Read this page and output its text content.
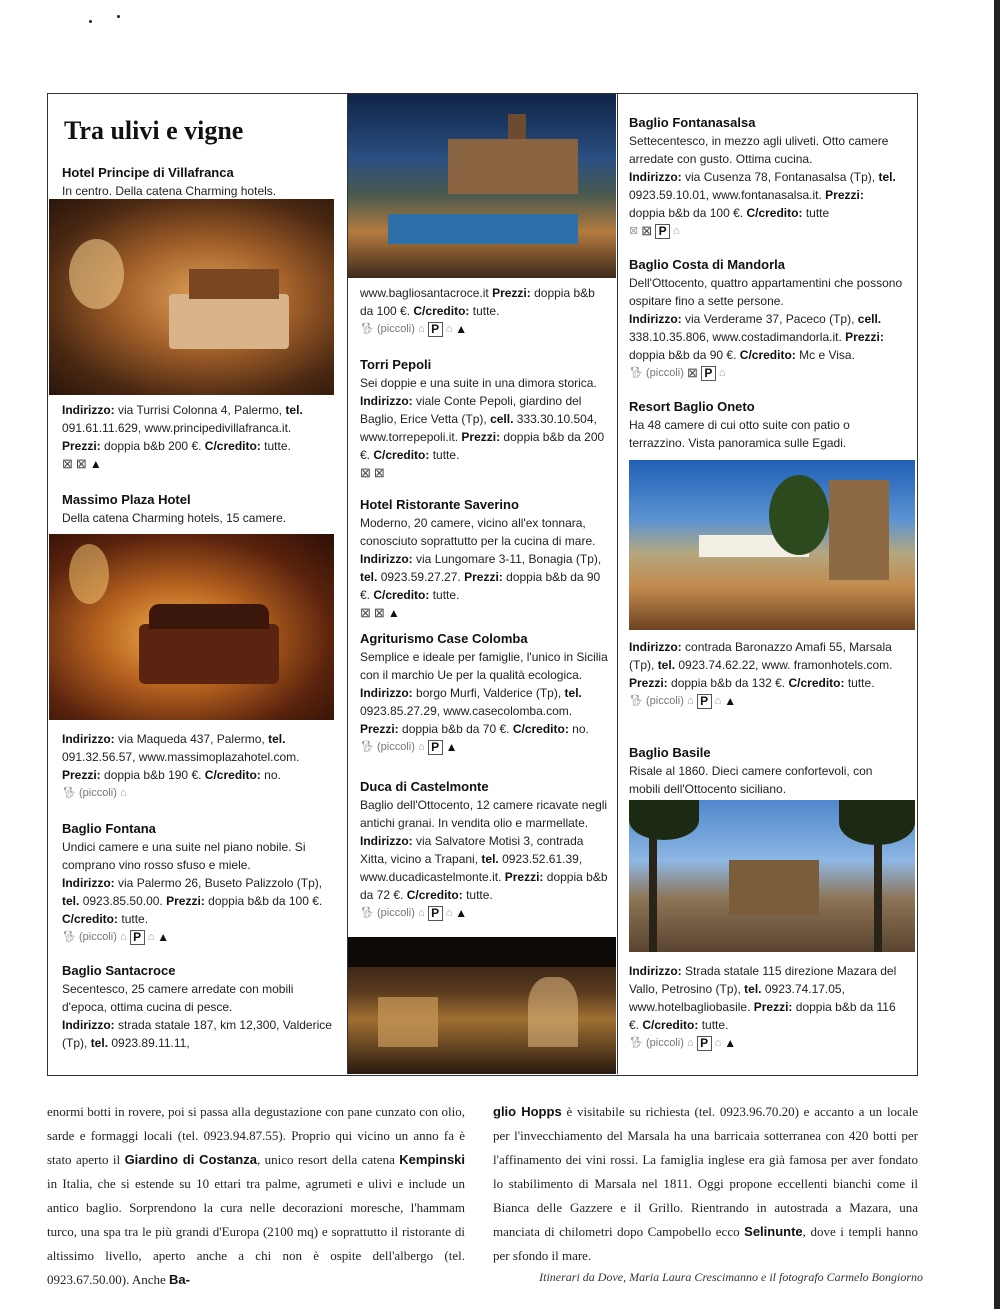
Tra ulivi e vigne
Hotel Principe di Villafranca
In centro. Della catena Charming hotels.
Indirizzo: via Turrisi Colonna 4, Palermo, tel. 091.61.11.629, www.principedivillafranca.it.
Prezzi: doppia b&b 200 €. C/credito: tutte.
⊠ ⊠ ▲
Massimo Plaza Hotel
Della catena Charming hotels, 15 camere.
Indirizzo: via Maqueda 437, Palermo, tel. 091.32.56.57, www.massimoplazahotel.com.
Prezzi: doppia b&b 190 €. C/credito: no.
🐕︎ (piccoli) ⌂
Baglio Fontana
Undici camere e una suite nel piano nobile. Si comprano vino rosso sfuso e miele.
Indirizzo: via Palermo 26, Buseto Palizzolo (Tp), tel. 0923.85.50.00. Prezzi: doppia b&b da 100 €. C/credito: tutte.
🐕︎ (piccoli) ⌂ P ⌂ ▲
Baglio Santacroce
Secentesco, 25 camere arredate con mobili d'epoca, ottima cucina di pesce.
Indirizzo: strada statale 187, km 12,300, Valderice (Tp), tel. 0923.89.11.11,
www.bagliosantacroce.it Prezzi: doppia b&b da 100 €. C/credito: tutte.
🐕︎ (piccoli) ⌂ P ⌂ ▲
Torri Pepoli
Sei doppie e una suite in una dimora storica.
Indirizzo: viale Conte Pepoli, giardino del Baglio, Erice Vetta (Tp), cell. 333.30.10.504, www.torrepepoli.it. Prezzi: doppia b&b da 200 €. C/credito: tutte.
⊠ ⊠
Hotel Ristorante Saverino
Moderno, 20 camere, vicino all'ex tonnara, conosciuto soprattutto per la cucina di mare.
Indirizzo: via Lungomare 3-11, Bonagia (Tp), tel. 0923.59.27.27. Prezzi: doppia b&b da 90 €. C/credito: tutte.
⊠ ⊠ ▲
Agriturismo Case Colomba
Semplice e ideale per famiglie, l'unico in Sicilia con il marchio Ue per la qualità ecologica.
Indirizzo: borgo Murfi, Valderice (Tp), tel. 0923.85.27.29, www.casecolomba.com. Prezzi: doppia b&b da 70 €. C/credito: no.
🐕︎ (piccoli) ⌂ P ▲
Duca di Castelmonte
Baglio dell'Ottocento, 12 camere ricavate negli antichi granai. In vendita olio e marmellate.
Indirizzo: via Salvatore Motisi 3, contrada Xitta, vicino a Trapani, tel. 0923.52.61.39, www.ducadicastelmonte.it. Prezzi: doppia b&b da 72 €. C/credito: tutte.
🐕︎ (piccoli) ⌂ P ⌂ ▲
Baglio Fontanasalsa
Settecentesco, in mezzo agli uliveti. Otto camere arredate con gusto. Ottima cucina.
Indirizzo: via Cusenza 78, Fontanasalsa (Tp), tel. 0923.59.10.01, www.fontanasalsa.it. Prezzi: doppia b&b da 100 €. C/credito: tutte
⊠ ⊠ P ⌂
Baglio Costa di Mandorla
Dell'Ottocento, quattro appartamentini che possono ospitare fino a sette persone.
Indirizzo: via Verderame 37, Paceco (Tp), cell. 338.10.35.806, www.costadimandorla.it. Prezzi: doppia b&b da 90 €. C/credito: Mc e Visa.
🐕︎ (piccoli) ⊠ P ⌂
Resort Baglio Oneto
Ha 48 camere di cui otto suite con patio o terrazzino. Vista panoramica sulle Egadi.
Indirizzo: contrada Baronazzo Amafi 55, Marsala (Tp), tel. 0923.74.62.22, www. framonhotels.com. Prezzi: doppia b&b da 132 €. C/credito: tutte.
🐕︎ (piccoli) ⌂ P ⌂ ▲
Baglio Basile
Risale al 1860. Dieci camere confortevoli, con mobili dell'Ottocento siciliano.
Indirizzo: Strada statale 115 direzione Mazara del Vallo, Petrosino (Tp), tel. 0923.74.17.05, www.hotelbagliobasile. Prezzi: doppia b&b da 116 €. C/credito: tutte.
🐕︎ (piccoli) ⌂ P ⌂ ▲
enormi botti in rovere, poi si passa alla degustazione con pane cunzato con olio, sarde e formaggi locali (tel. 0923.94.87.55). Proprio qui vicino un anno fa è stato aperto il Giardino di Costanza, unico resort della catena Kempinski in Italia, che si estende su 10 ettari tra palme, agrumeti e ulivi e include un antico baglio. Sorprendono la cura nelle decorazioni moresche, l'hammam turco, una spa tra le più grandi d'Europa (2100 mq) e soprattutto il ristorante di altissimo livello, aperto anche a chi non è ospite dell'albergo (tel. 0923.67.50.00). Anche Ba-
glio Hopps è visitabile su richiesta (tel. 0923.96.70.20) e accanto a un locale per l'invecchiamento del Marsala ha una barricaia sotterranea con 420 botti per l'affinamento dei vini rossi. La famiglia inglese era già famosa per aver fondato lo stabilimento di Marsala nel 1811. Oggi propone eccellenti bianchi come il Bianca delle Gazzere e il Grillo. Rientrando in autostrada a Mazara, una manciata di chilometri dopo Campobello ecco Selinunte, dove i templi hanno per sfondo il mare.
Itinerari da Dove, Maria Laura Crescimanno e il fotografo Carmelo Bongiorno
